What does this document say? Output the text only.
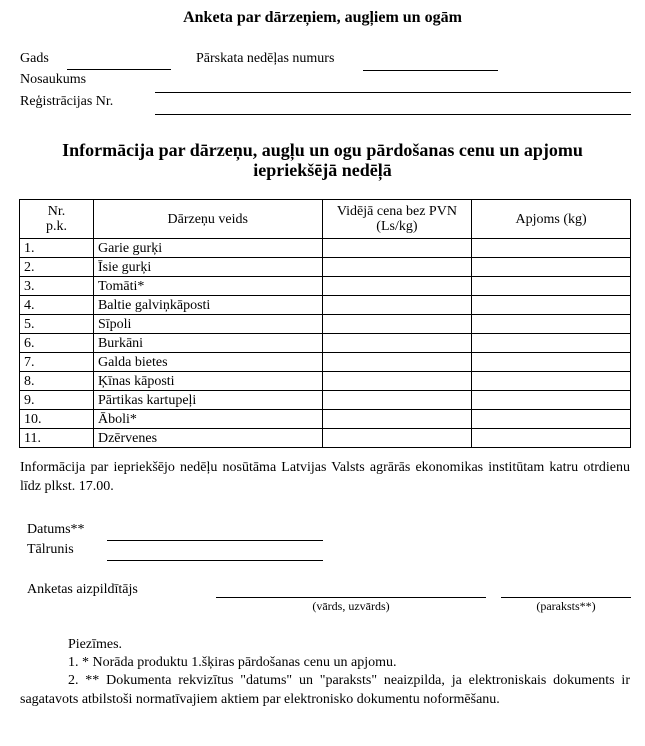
Anketa par dārzeņiem, augļiem un ogām
Gads	Pārskata nedēļas numurs
Nosaukums
Reģistrācijas Nr.
Informācija par dārzeņu, augļu un ogu pārdošanas cenu un apjomu
iepriekšējā nedēļā
Nr. p.k.	Dārzeņu veids	Vidējā cena bez PVN (Ls/kg)	Apjoms (kg)
1.	Garie gurķi		
2.	Īsie gurķi		
3.	Tomāti*		
4.	Baltie galviņkāposti		
5.	Sīpoli		
6.	Burkāni		
7.	Galda bietes		
8.	Ķīnas kāposti		
9.	Pārtikas kartupeļi		
10.	Āboli*		
11.	Dzērvenes		
Informācija par iepriekšējo nedēļu nosūtāma Latvijas Valsts agrārās ekonomikas institūtam katru otrdienu līdz plkst. 17.00.
Datums**
Tālrunis
Anketas aizpildītājs
(vārds, uzvārds)	(paraksts**)
Piezīmes.
1. * Norāda produktu 1.šķiras pārdošanas cenu un apjomu.
2. ** Dokumenta rekvizītus "datums" un "paraksts" neaizpilda, ja elektroniskais dokuments ir sagatavots atbilstoši normatīvajiem aktiem par elektronisko dokumentu noformēšanu.
